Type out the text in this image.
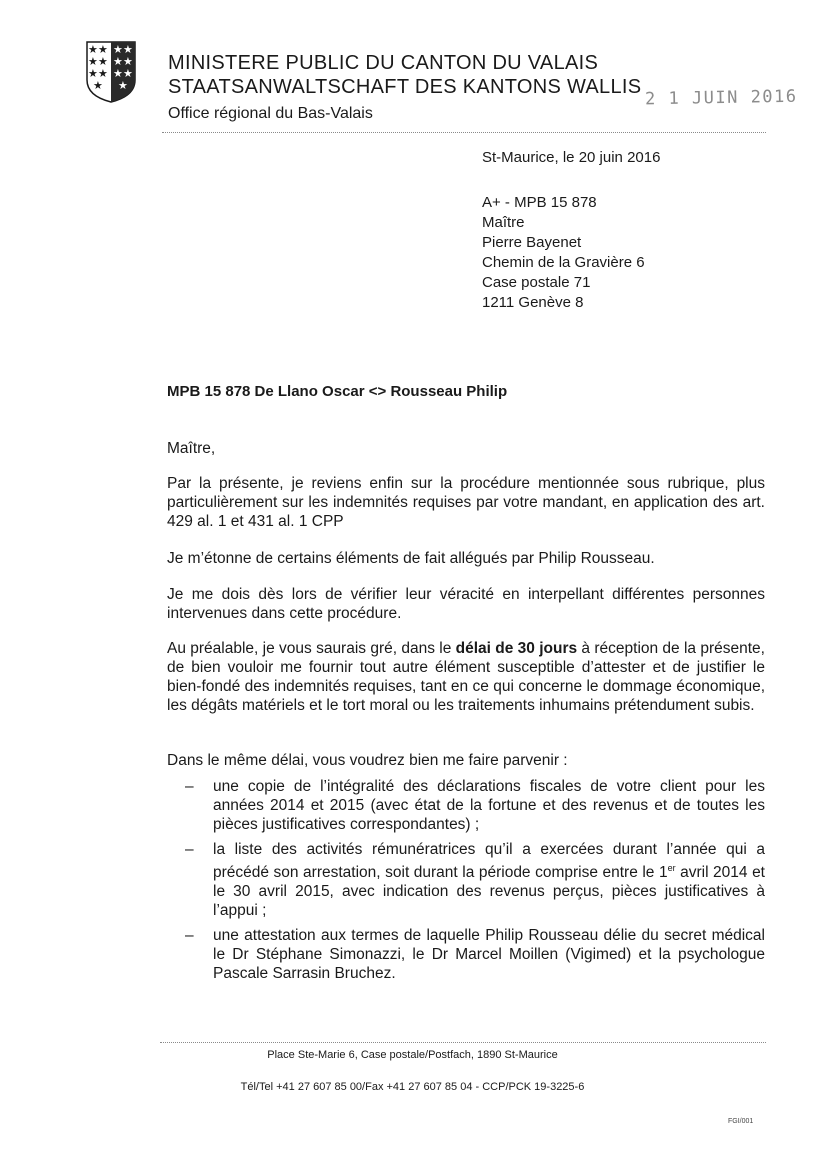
★ ★
★ ★
★ ★
★
★ ★
★ ★
★ ★
★
MINISTERE PUBLIC DU CANTON DU VALAIS
STAATSANWALTSCHAFT DES KANTONS WALLIS
Office régional du Bas-Valais
2 1 JUIN 2016
St-Maurice, le 20 juin 2016
A+ - MPB 15 878
Maître
Pierre Bayenet
Chemin de la Gravière 6
Case postale 71
1211 Genève 8
MPB 15 878 De Llano Oscar <> Rousseau Philip
Maître,
Par la présente, je reviens enfin sur la procédure mentionnée sous rubrique, plus particulièrement sur les indemnités requises par votre mandant, en application des art. 429 al. 1 et 431 al. 1 CPP
Je m’étonne de certains éléments de fait allégués par Philip Rousseau.
Je me dois dès lors de vérifier leur véracité en interpellant différentes personnes intervenues dans cette procédure.
Au préalable, je vous saurais gré, dans le délai de 30 jours à réception de la présente, de bien vouloir me fournir tout autre élément susceptible d’attester et de justifier le bien-fondé des indemnités requises, tant en ce qui concerne le dommage économique, les dégâts matériels et le tort moral ou les traitements inhumains prétendument subis.
Dans le même délai, vous voudrez bien me faire parvenir :
– une copie de l’intégralité des déclarations fiscales de votre client pour les années 2014 et 2015 (avec état de la fortune et des revenus et de toutes les pièces justificatives correspondantes) ;
– la liste des activités rémunératrices qu’il a exercées durant l’année qui a précédé son arrestation, soit durant la période comprise entre le 1er avril 2014 et le 30 avril 2015, avec indication des revenus perçus, pièces justificatives à l’appui ;
– une attestation aux termes de laquelle Philip Rousseau délie du secret médical le Dr Stéphane Simonazzi, le Dr Marcel Moillen (Vigimed) et la psychologue Pascale Sarrasin Bruchez.
Place Ste-Marie 6, Case postale/Postfach, 1890 St-Maurice
Tél/Tel +41 27 607 85 00/Fax +41 27 607 85 04 - CCP/PCK 19-3225-6
FGI/001
